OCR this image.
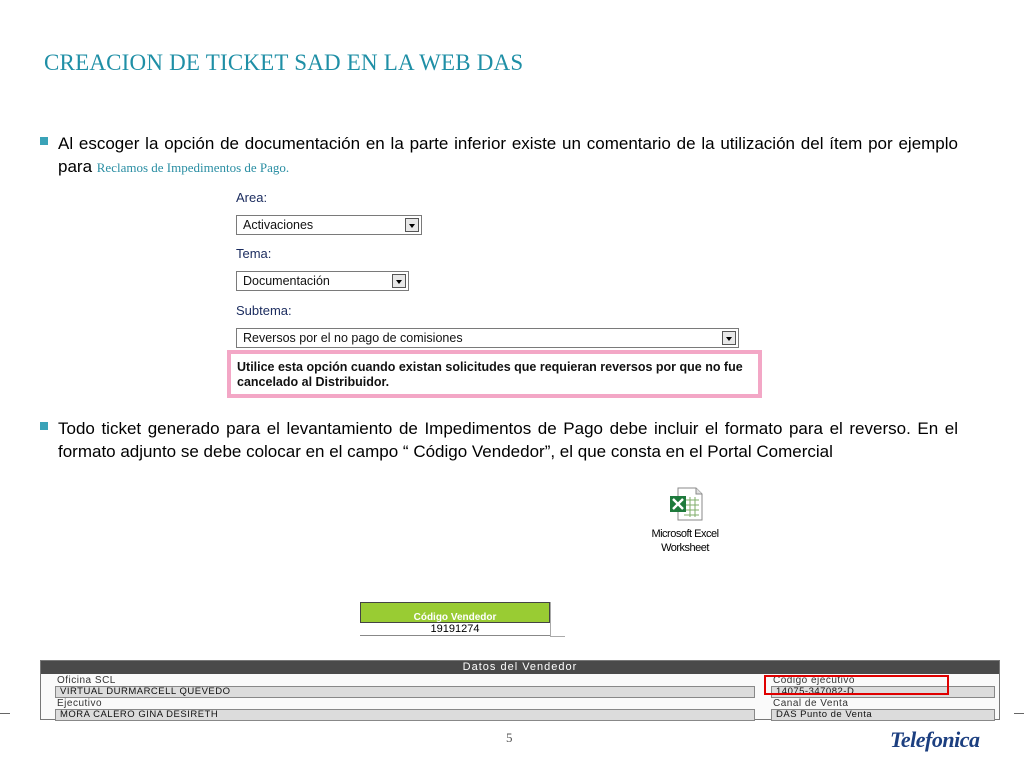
CREACION DE TICKET SAD EN LA WEB DAS
Al escoger la opción de documentación en la parte inferior existe un comentario de la utilización del ítem por ejemplo para Reclamos de Impedimentos de Pago.
Area:
Activaciones
Tema:
Documentación
Subtema:
Reversos por el no pago de comisiones
Utilice esta opción cuando existan solicitudes que requieran reversos por que no fue cancelado al Distribuidor.
Todo ticket generado para el levantamiento de Impedimentos de Pago debe incluir el formato para el reverso. En el formato adjunto se debe colocar en el campo “ Código Vendedor”, el que consta en el Portal Comercial
Microsoft Excel
Worksheet
Código Vendedor
19191274
Datos del Vendedor
Oficina SCL
VIRTUAL DURMARCELL QUEVEDO
Ejecutivo
MORA CALERO GINA DESIRETH
Código ejecutivo
14075-347082-D
Canal de Venta
DAS Punto de Venta
5	Telefonica
